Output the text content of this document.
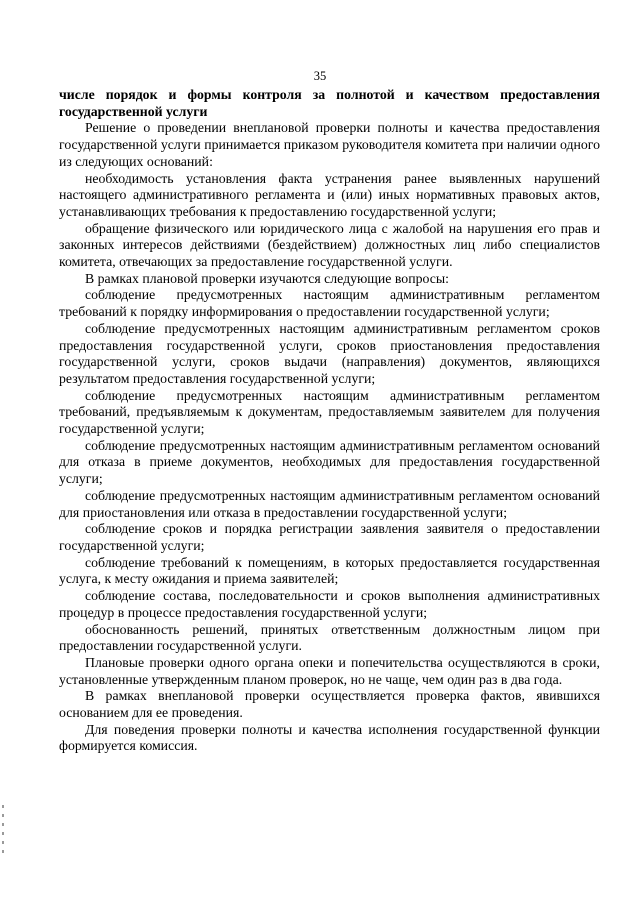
35

числе порядок и формы контроля за полнотой и качеством предоставления государственной услуги

Решение о проведении внеплановой проверки полноты и качества предоставления государственной услуги принимается приказом руководителя комитета при наличии одного из следующих оснований:

необходимость установления факта устранения ранее выявленных нарушений настоящего административного регламента и (или) иных нормативных правовых актов, устанавливающих требования к предоставлению государственной услуги;

обращение физического или юридического лица с жалобой на нарушения его прав и законных интересов действиями (бездействием) должностных лиц либо специалистов комитета, отвечающих за предоставление государственной услуги.

В рамках плановой проверки изучаются следующие вопросы:

соблюдение предусмотренных настоящим административным регламентом требований к порядку информирования о предоставлении государственной услуги;

соблюдение предусмотренных настоящим административным регламентом сроков предоставления государственной услуги, сроков приостановления предоставления государственной услуги, сроков выдачи (направления) документов, являющихся результатом предоставления государственной услуги;

соблюдение предусмотренных настоящим административным регламентом требований, предъявляемым к документам, предоставляемым заявителем для получения государственной услуги;

соблюдение предусмотренных настоящим административным регламентом оснований для отказа в приеме документов, необходимых для предоставления государственной услуги;

соблюдение предусмотренных настоящим административным регламентом оснований для приостановления или отказа в предоставлении государственной услуги;

соблюдение сроков и порядка регистрации заявления заявителя о предоставлении государственной услуги;

соблюдение требований к помещениям, в которых предоставляется государственная услуга, к месту ожидания и приема заявителей;

соблюдение состава, последовательности и сроков выполнения административных процедур в процессе предоставления государственной услуги;

обоснованность решений, принятых ответственным должностным лицом при предоставлении государственной услуги.

Плановые проверки одного органа опеки и попечительства осуществляются в сроки, установленные утвержденным планом проверок, но не чаще, чем один раз в два года.

В рамках внеплановой проверки осуществляется проверка фактов, явившихся основанием для ее проведения.

Для поведения проверки полноты и качества исполнения государственной функции формируется комиссия.
